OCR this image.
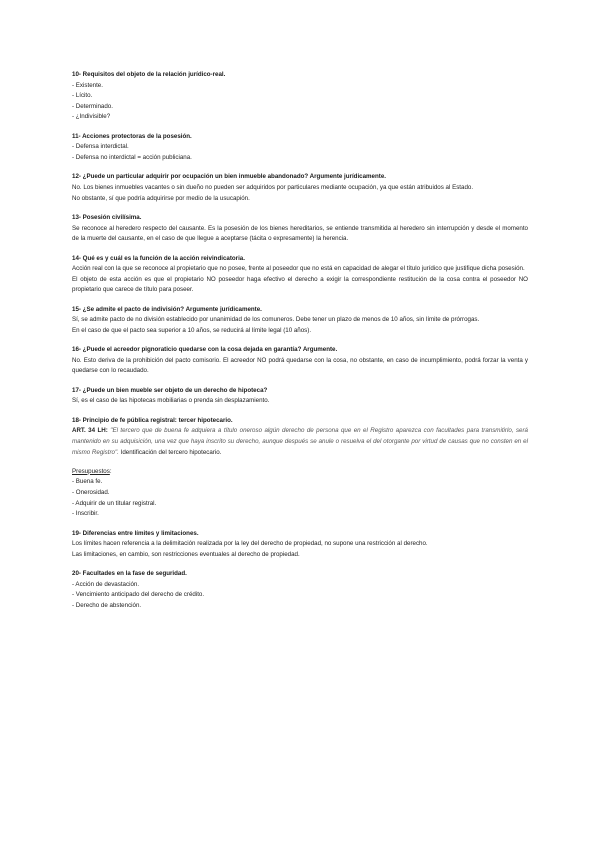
10- Requisitos del objeto de la relación jurídico-real.
- Existente.
- Lícito.
- Determinado.
- ¿Indivisible?
11- Acciones protectoras de la posesión.
- Defensa interdictal.
- Defensa no interdictal = acción publiciana.
12- ¿Puede un particular adquirir por ocupación un bien inmueble abandonado? Argumente jurídicamente.
No. Los bienes inmuebles vacantes o sin dueño no pueden ser adquiridos por particulares mediante ocupación, ya que están atribuidos al Estado.
No obstante, sí que podría adquirirse por medio de la usucapión.
13- Posesión civilísima.
Se reconoce al heredero respecto del causante. Es la posesión de los bienes hereditarios, se entiende transmitida al heredero sin interrupción y desde el momento de la muerte del causante, en el caso de que llegue a aceptarse (tácita o expresamente) la herencia.
14- Qué es y cuál es la función de la acción reivindicatoria.
Acción real con la que se reconoce al propietario que no posee, frente al poseedor que no está en capacidad de alegar el título jurídico que justifique dicha posesión.
El objeto de esta acción es que el propietario NO poseedor haga efectivo el derecho a exigir la correspondiente restitución de la cosa contra el poseedor NO propietario que carece de título para poseer.
15- ¿Se admite el pacto de indivisión? Argumente jurídicamente.
Sí, se admite pacto de no división establecido por unanimidad de los comuneros. Debe tener un plazo de menos de 10 años, sin límite de prórrogas.
En el caso de que el pacto sea superior a 10 años, se reducirá al límite legal (10 años).
16- ¿Puede el acreedor pignoraticio quedarse con la cosa dejada en garantía? Argumente.
No. Esto deriva de la prohibición del pacto comisorio. El acreedor NO podrá quedarse con la cosa, no obstante, en caso de incumplimiento, podrá forzar la venta y quedarse con lo recaudado.
17- ¿Puede un bien mueble ser objeto de un derecho de hipoteca?
Sí, es el caso de las hipotecas mobiliarias o prenda sin desplazamiento.
18- Principio de fe pública registral: tercer hipotecario.
ART. 34 LH: "El tercero que de buena fe adquiera a título oneroso algún derecho de persona que en el Registro aparezca con facultades para transmitirlo, será mantenido en su adquisición, una vez que haya inscrito su derecho, aunque después se anule o resuelva el del otorgante por virtud de causas que no consten en el mismo Registro". Identificación del tercero hipotecario.
Presupuestos:
- Buena fe.
- Onerosidad.
- Adquirir de un titular registral.
- Inscribir.
19- Diferencias entre límites y limitaciones.
Los límites hacen referencia a la delimitación realizada por la ley del derecho de propiedad, no supone una restricción al derecho.
Las limitaciones, en cambio, son restricciones eventuales al derecho de propiedad.
20- Facultades en la fase de seguridad.
- Acción de devastación.
- Vencimiento anticipado del derecho de crédito.
- Derecho de abstención.
